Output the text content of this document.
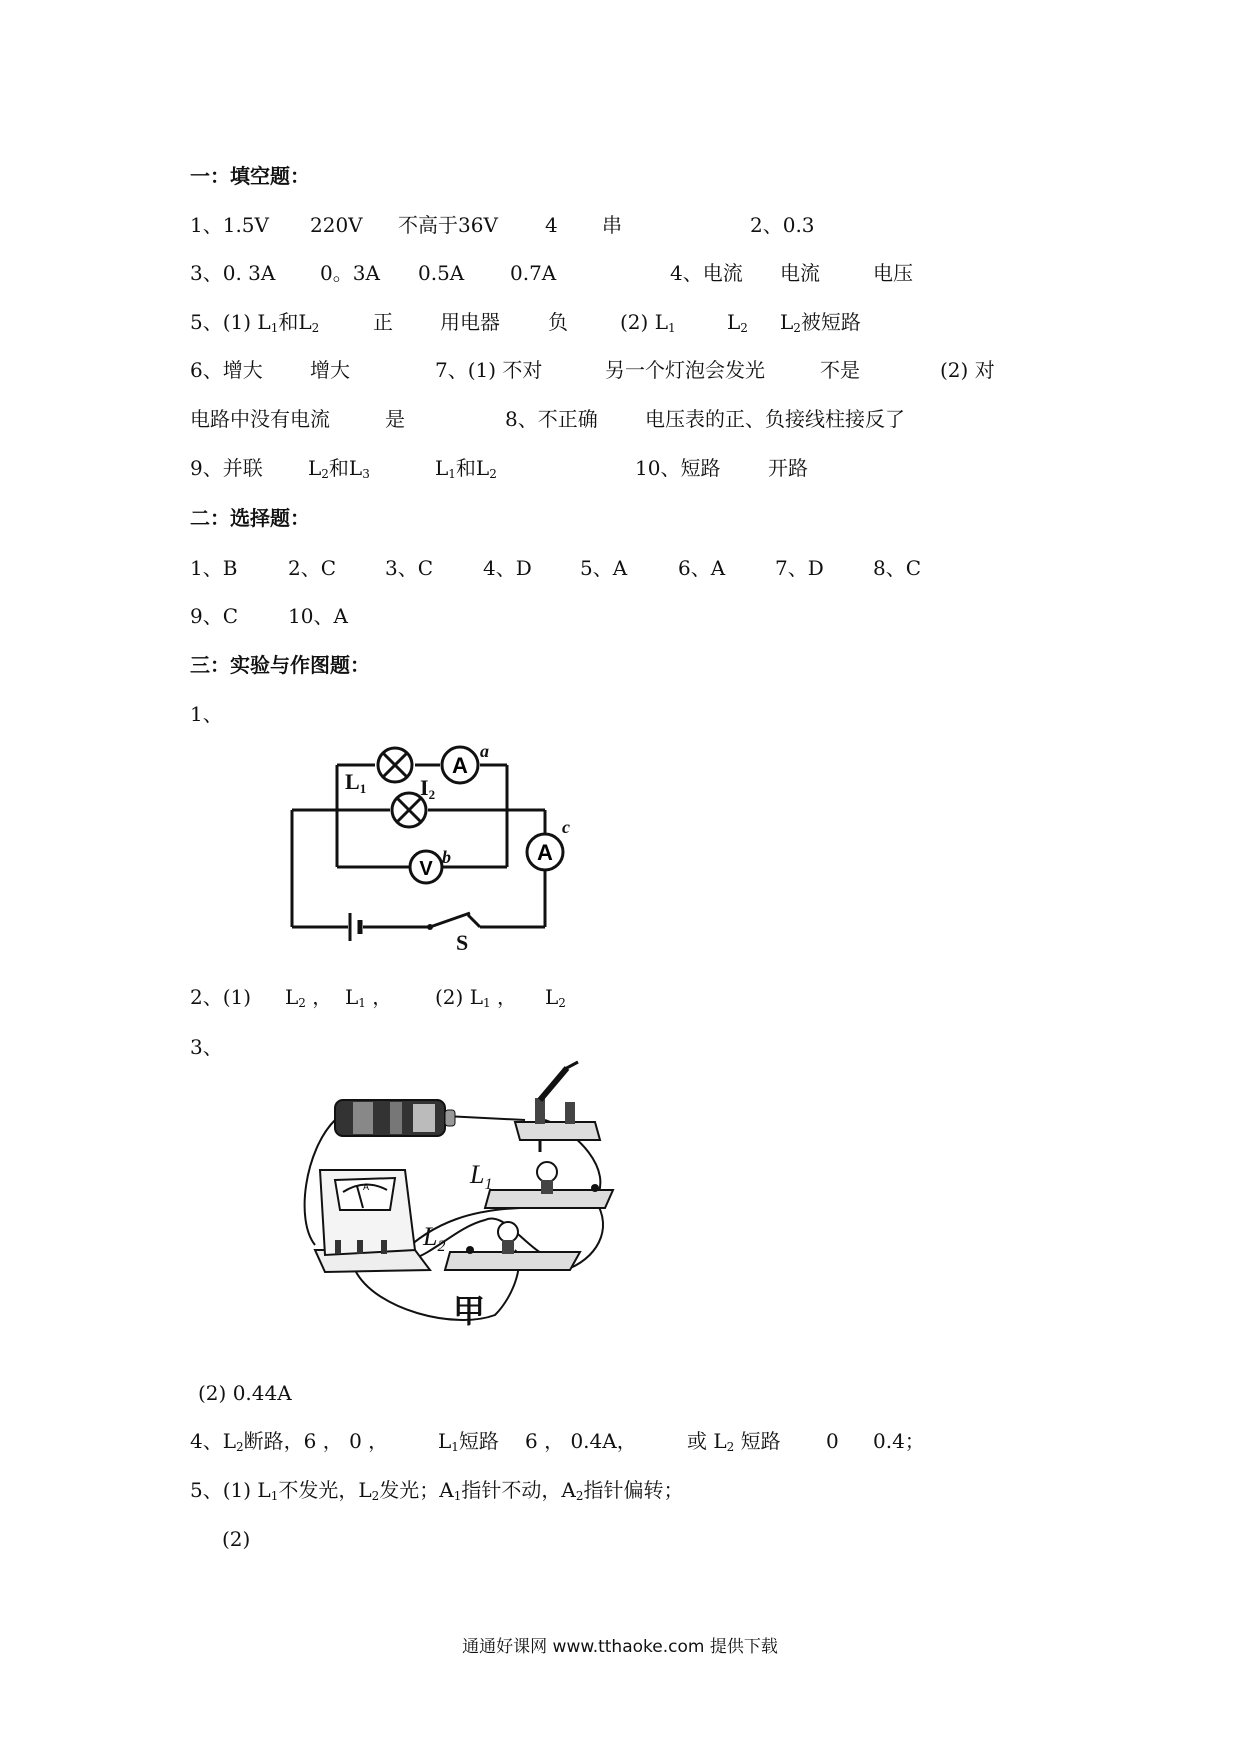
一：填空题：
1、1.5V 220V 不高于36V 4 串	2、0.3
3、0. 3A 0。3A 0.5A 0.7A	4、电流 电流	电压
5、(1) $L_1$和$L_2$	正 用电器 负	(2) $L_1$	$L_2$ $L_2$被短路
6、增大 增大	7、(1) 不对	另一个灯泡会发光	不是	(2) 对
电路中没有电流	是	8、不正确 电压表的正、负接线柱接反了
9、并联 $L_2$和$L_3$	$L_1$和$L_2$	10、短路 开路
二：选择题：
1、B	2、C 3、C 4、D 5、A	6、A 7、D 8、C
9、C 10、A
三：实验与作图题：
1、
A
V
A
L1 I2
a
b
c
S
2、(1) $L_2$ ， $L_1$ ， (2) $L_1$ ， $L_2$
3、
A	$L_1$
$L_2$
甲
(2) 0.44A
4、$L_2$断路，6 ， 0 ， $L_1$短路 6 ， 0.4A，	或 $L_2$ 短路 0 0.4；
5、(1) $L_1$不发光，$L_2$发光；$A_1$指针不动，$A_2$指针偏转；
(2)
通通好课网 www.tthaoke.com 提供下载
